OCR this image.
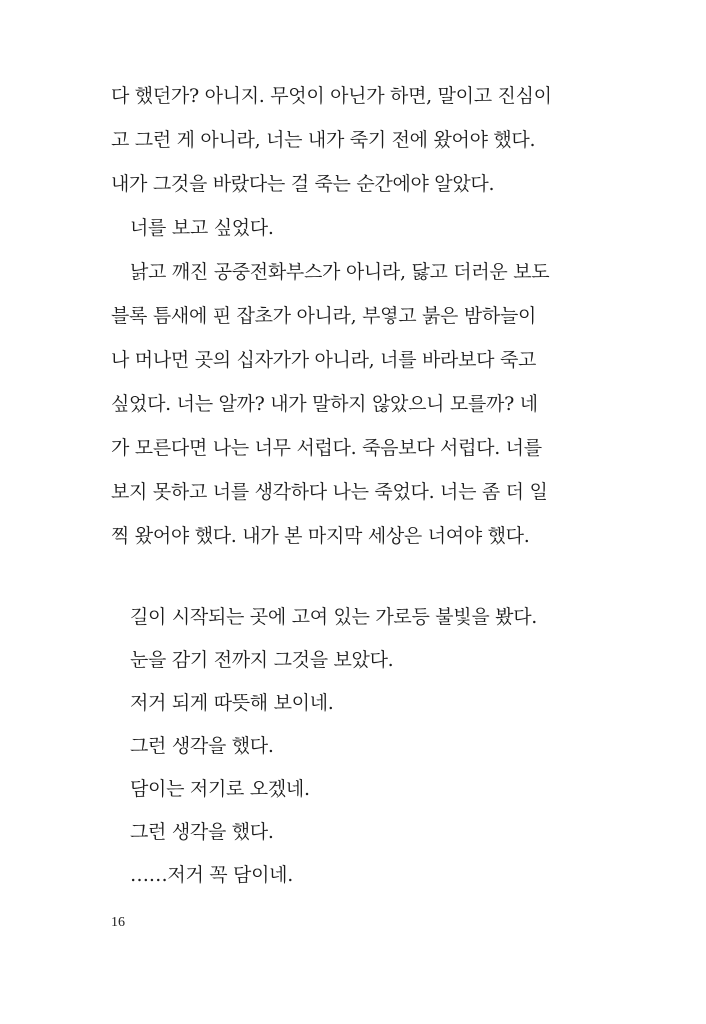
다 했던가? 아니지. 무엇이 아닌가 하면, 말이고 진심이
고 그런 게 아니라, 너는 내가 죽기 전에 왔어야 했다.
내가 그것을 바랐다는 걸 죽는 순간에야 알았다.
너를 보고 싶었다.
낡고 깨진 공중전화부스가 아니라, 닳고 더러운 보도
블록 틈새에 핀 잡초가 아니라, 부옇고 붉은 밤하늘이
나 머나먼 곳의 십자가가 아니라, 너를 바라보다 죽고
싶었다. 너는 알까? 내가 말하지 않았으니 모를까? 네
가 모른다면 나는 너무 서럽다. 죽음보다 서럽다. 너를
보지 못하고 너를 생각하다 나는 죽었다. 너는 좀 더 일
찍 왔어야 했다. 내가 본 마지막 세상은 너여야 했다.
길이 시작되는 곳에 고여 있는 가로등 불빛을 봤다.
눈을 감기 전까지 그것을 보았다.
저거 되게 따뜻해 보이네.
그런 생각을 했다.
담이는 저기로 오겠네.
그런 생각을 했다.
……저거 꼭 담이네.
16
